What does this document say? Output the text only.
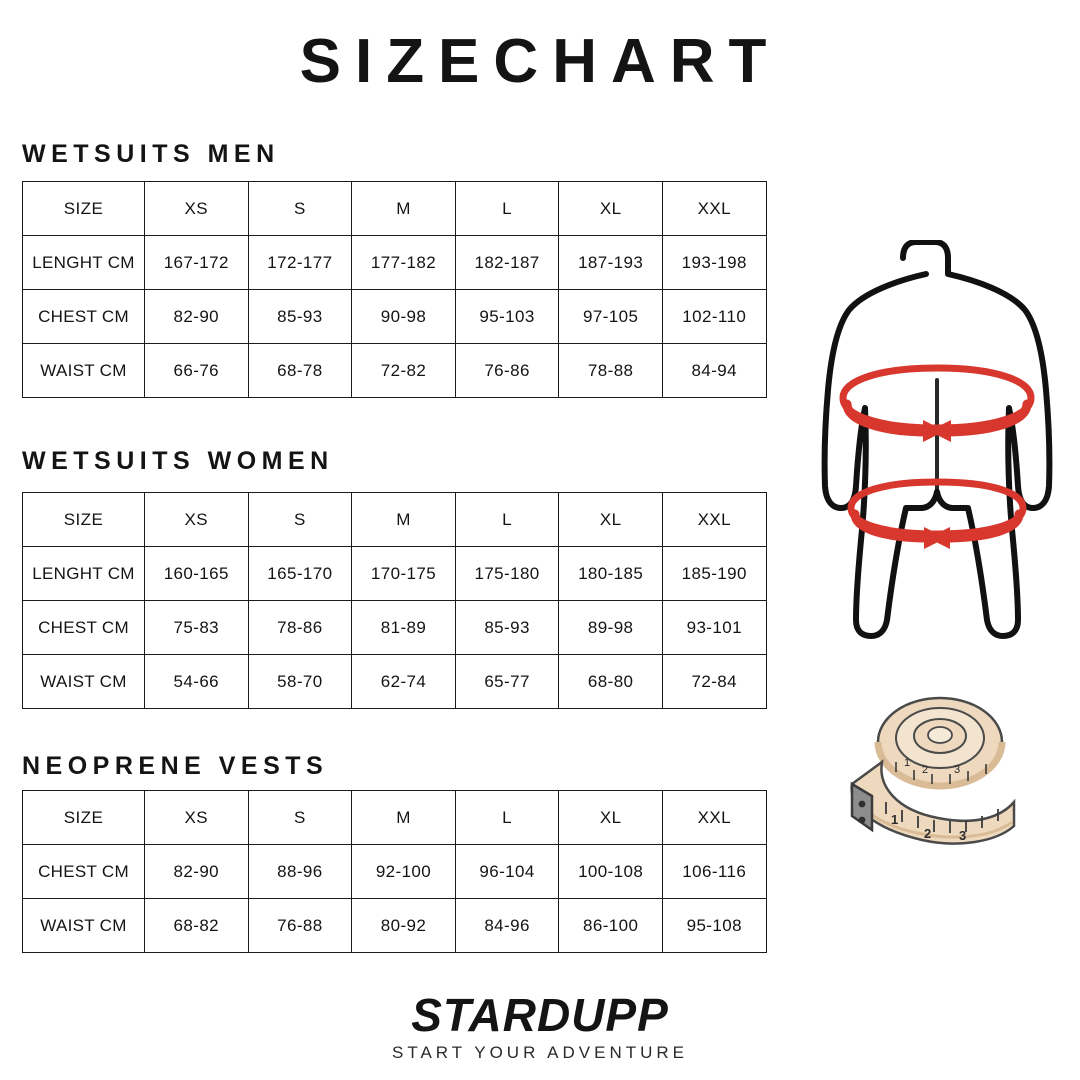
SIZECHART
WETSUITS MEN
SIZE	XS	S	M	L	XL	XXL
LENGHT CM	167-172	172-177	177-182	182-187	187-193	193-198
CHEST CM	82-90	85-93	90-98	95-103	97-105	102-110
WAIST CM	66-76	68-78	72-82	76-86	78-88	84-94
WETSUITS WOMEN
SIZE	XS	S	M	L	XL	XXL
LENGHT CM	160-165	165-170	170-175	175-180	180-185	185-190
CHEST CM	75-83	78-86	81-89	85-93	89-98	93-101
WAIST CM	54-66	58-70	62-74	65-77	68-80	72-84
NEOPRENE VESTS
SIZE	XS	S	M	L	XL	XXL
CHEST CM	82-90	88-96	92-100	96-104	100-108	106-116
WAIST CM	68-82	76-88	80-92	84-96	86-100	95-108
1
2 3
1
2 3
STARDUPP
START YOUR ADVENTURE
